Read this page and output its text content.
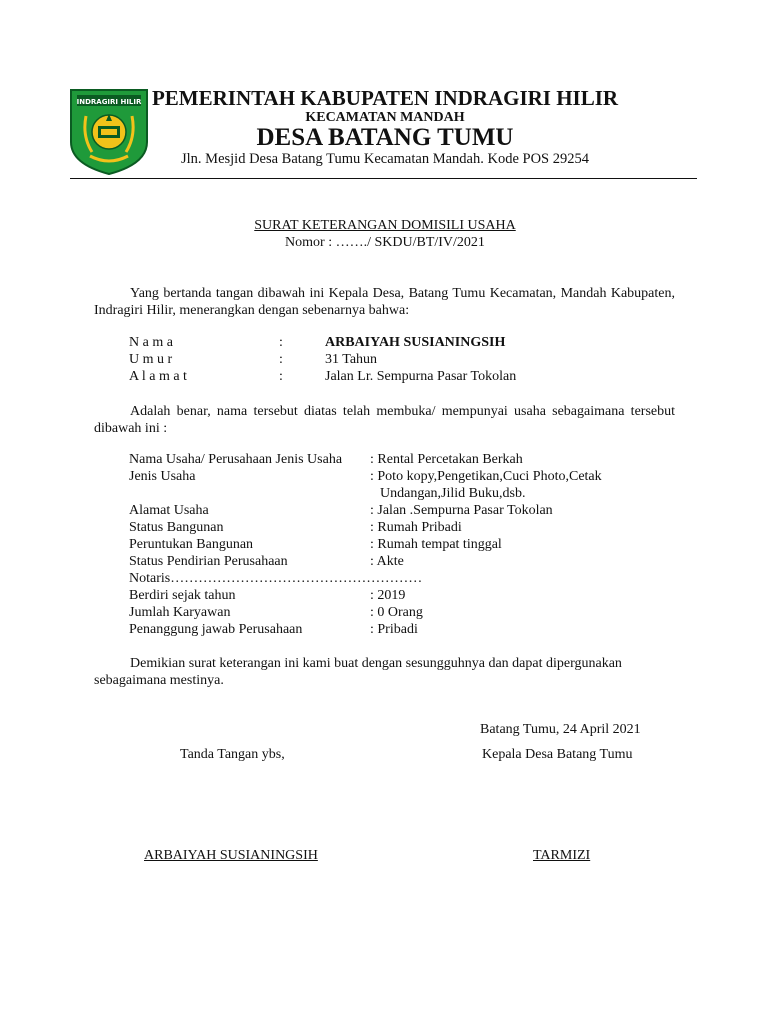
INDRAGIRI HILIR PEMERINTAH KABUPATEN INDRAGIRI HILIR
KECAMATAN MANDAH
DESA BATANG TUMU
Jln. Mesjid Desa Batang Tumu Kecamatan Mandah. Kode POS 29254
SURAT KETERANGAN DOMISILI USAHA
Nomor : ……./ SKDU/BT/IV/2021
Yang bertanda tangan dibawah ini Kepala Desa, Batang Tumu Kecamatan, Mandah Kabupaten, Indragiri Hilir, menerangkan dengan sebenarnya bahwa:
N a m a	:	ARBAIYAH SUSIANINGSIH
U m u r	:	31 Tahun
A l a m a t	:	Jalan Lr. Sempurna Pasar Tokolan
Adalah benar, nama tersebut diatas telah membuka/ mempunyai usaha sebagaimana tersebut dibawah ini :
Nama Usaha/ Perusahaan Jenis Usaha : Rental Percetakan Berkah
Jenis Usaha	: Poto kopy,Pengetikan,Cuci Photo,Cetak
Undangan,Jilid Buku,dsb.
Alamat Usaha	: Jalan .Sempurna Pasar Tokolan
Status Bangunan	: Rumah Pribadi
Peruntukan Bangunan	: Rumah tempat tinggal
Status Pendirian Perusahaan	: Akte
Notaris………………………………………………
Berdiri sejak tahun	: 2019
Jumlah Karyawan	: 0 Orang
Penanggung jawab Perusahaan	: Pribadi
Demikian surat keterangan ini kami buat dengan sesungguhnya dan dapat dipergunakan sebagaimana mestinya.
Batang Tumu, 24 April 2021
Tanda Tangan ybs,	Kepala Desa Batang Tumu
ARBAIYAH SUSIANINGSIH	TARMIZI
